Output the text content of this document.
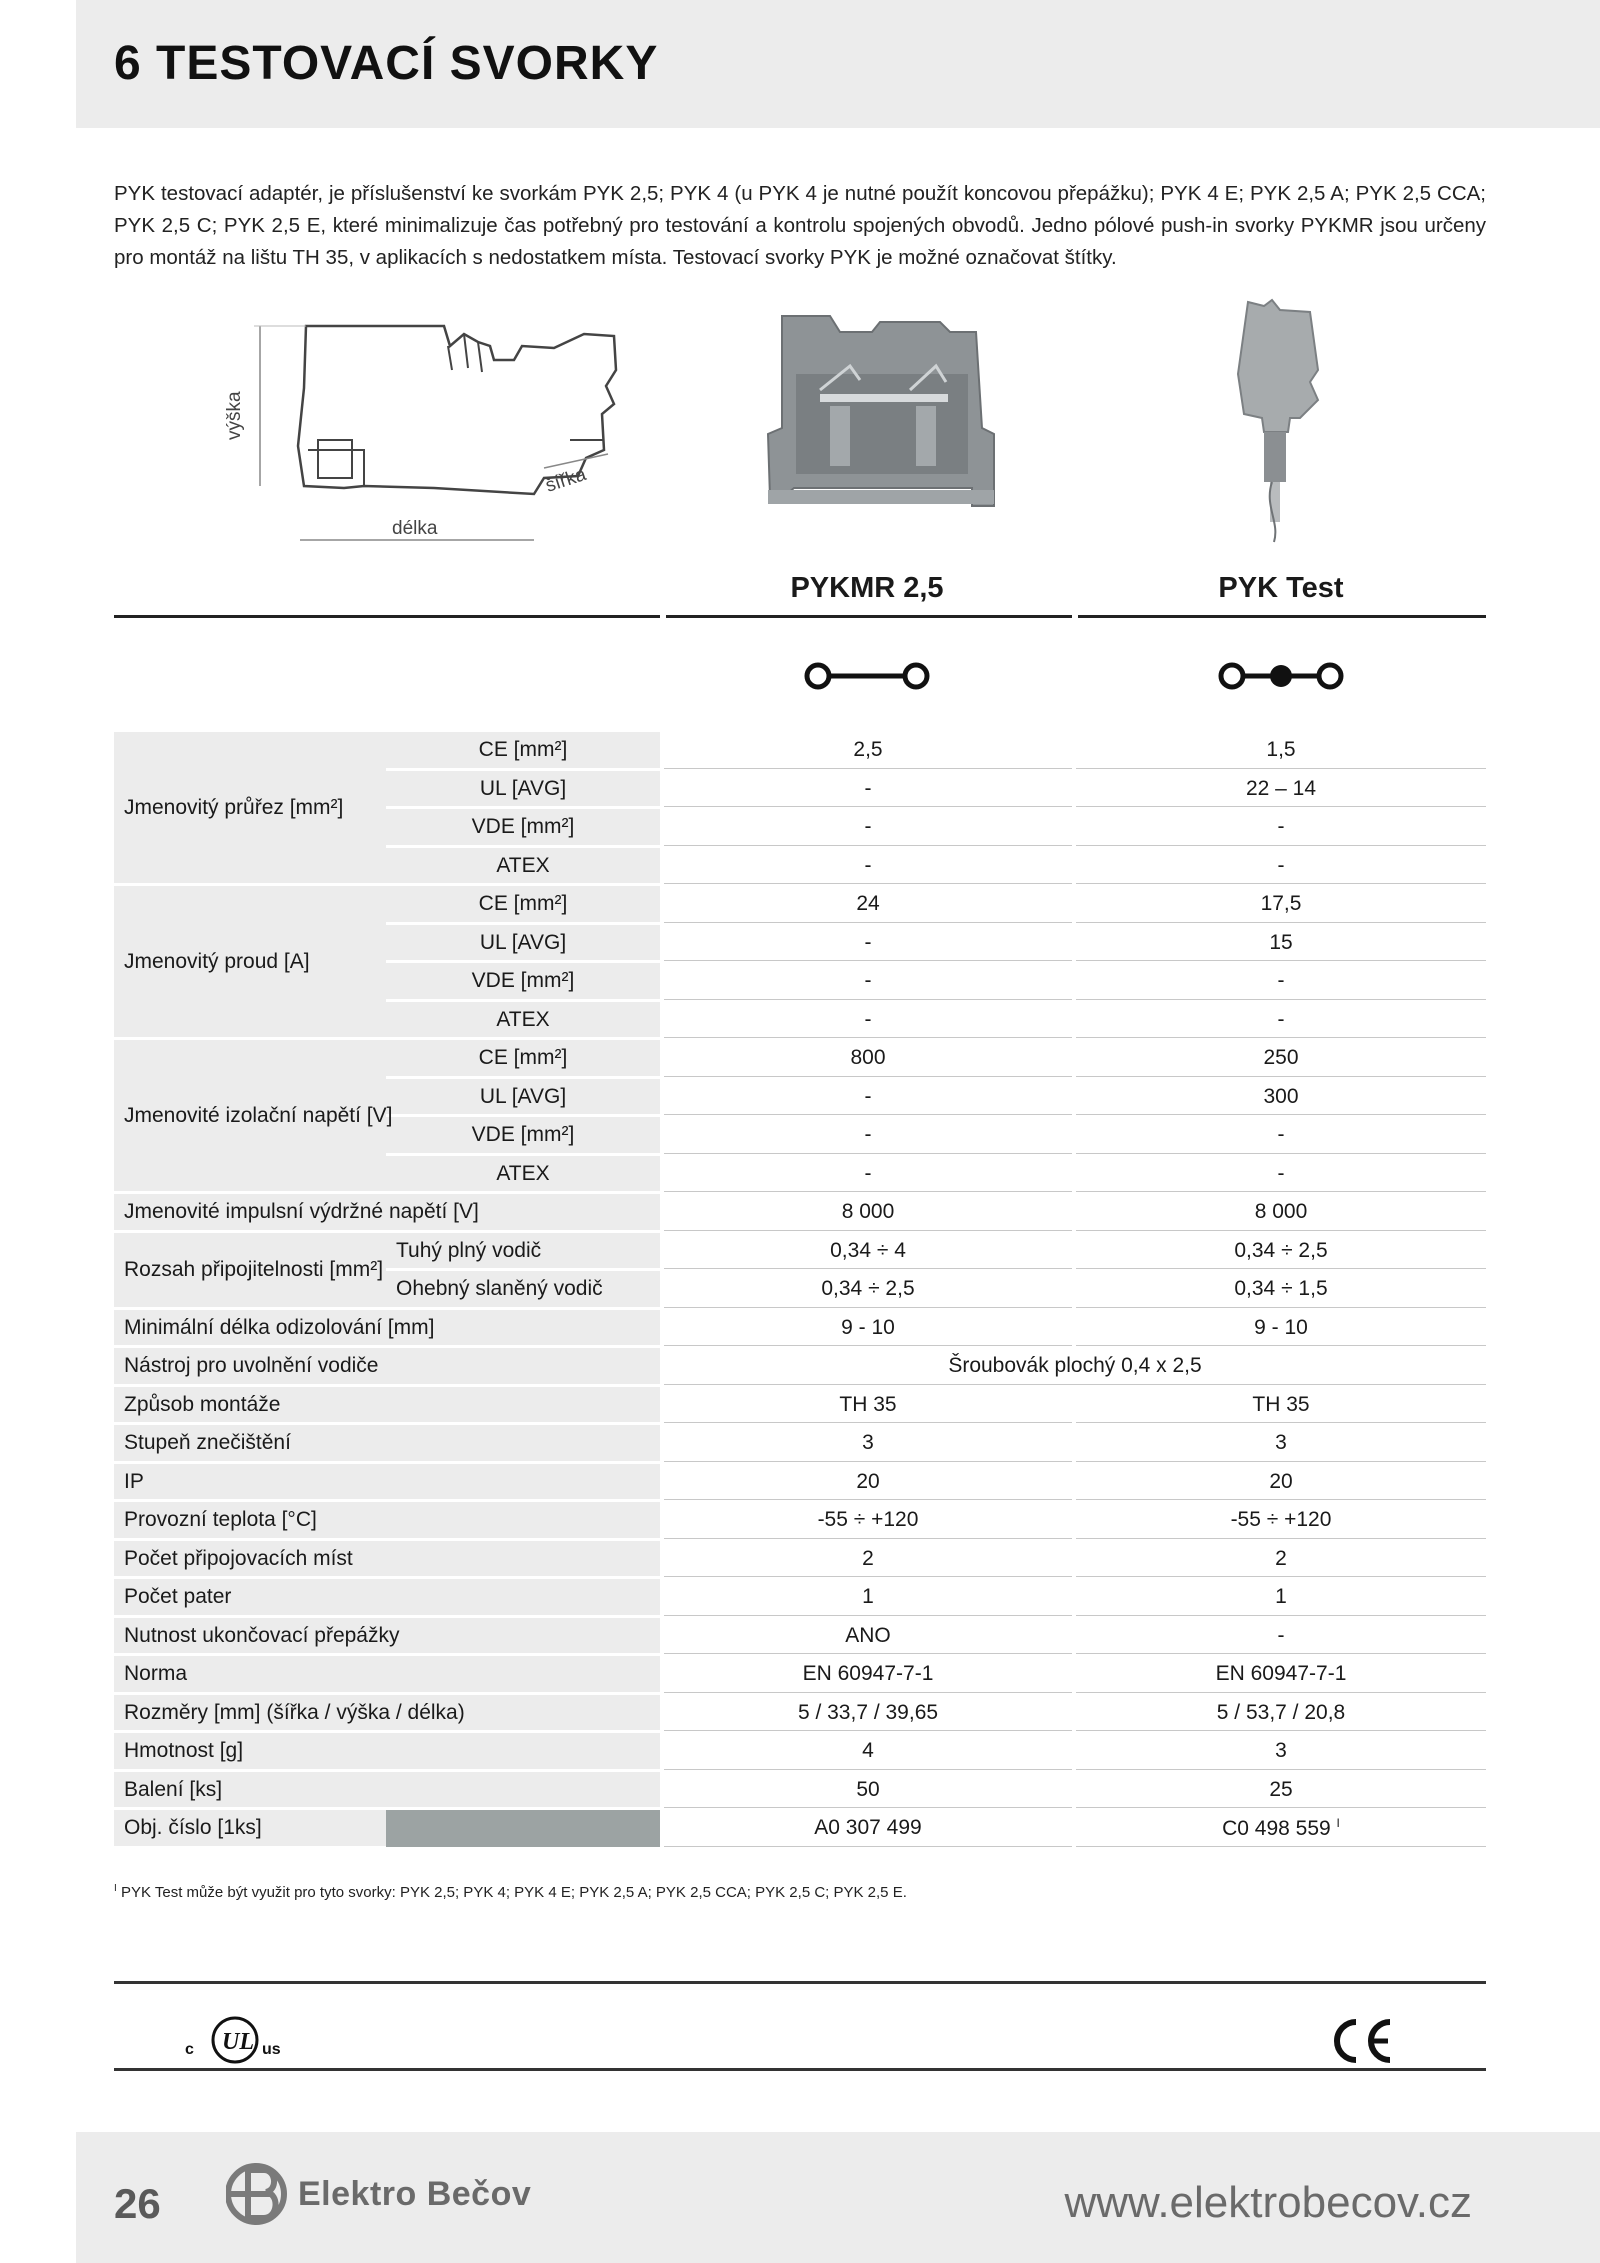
6 TESTOVACÍ SVORKY
PYK testovací adaptér, je příslušenství ke svorkám PYK 2,5; PYK 4 (u PYK 4 je nutné použít koncovou přepážku); PYK 4 E; PYK 2,5 A; PYK 2,5 CCA; PYK 2,5 C; PYK 2,5 E, které minimalizuje čas potřebný pro testování a kontrolu spojených obvodů. Jedno pólové push-in svorky PYKMR jsou určeny pro montáž na lištu TH 35, v aplikacích s nedostatkem místa. Testovací svorky PYK je možné označovat štítky.
výška
šířka
délka
PYKMR 2,5	PYK Test
Jmenovitý průřez [mm²]	CE [mm²]	2,5	1,5
	UL [AVG]	-	22 – 14
	VDE [mm²]	-	-
	ATEX	-	-
Jmenovitý proud [A]	CE [mm²]	24	17,5
	UL [AVG]	-	15
	VDE [mm²]	-	-
	ATEX	-	-
Jmenovité izolační napětí [V]	CE [mm²]	800	250
	UL [AVG]	-	300
	VDE [mm²]	-	-
	ATEX	-	-
Jmenovité impulsní výdržné napětí [V]		8 000	8 000
Rozsah připojitelnosti [mm²]	Tuhý plný vodič	0,34 ÷ 4	0,34 ÷ 2,5
	Ohebný slaněný vodič	0,34 ÷ 2,5	0,34 ÷ 1,5
Minimální délka odizolování [mm]		9 - 10	9 - 10
Nástroj pro uvolnění vodiče		Šroubovák plochý 0,4 x 2,5	
Způsob montáže		TH 35	TH 35
Stupeň znečištění		3	3
IP		20	20
Provozní teplota [°C]		-55 ÷ +120	-55 ÷ +120
Počet připojovacích míst		2	2
Počet pater		1	1
Nutnost ukončovací přepážky		ANO	-
Norma		EN 60947-7-1	EN 60947-7-1
Rozměry [mm] (šířka / výška / délka)		5 / 33,7 / 39,65	5 / 53,7 / 20,8
Hmotnost [g]		4	3
Balení [ks]		50	25
Obj. číslo [1ks]		A0 307 499	C0 498 559 $^I$
$^I$ PYK Test může být využit pro tyto svorky: PYK 2,5; PYK 4; PYK 4 E; PYK 2,5 A; PYK 2,5 CCA; PYK 2,5 C; PYK 2,5 E.
UL
c	us
26	Elektro Bečov	www.elektrobecov.cz
